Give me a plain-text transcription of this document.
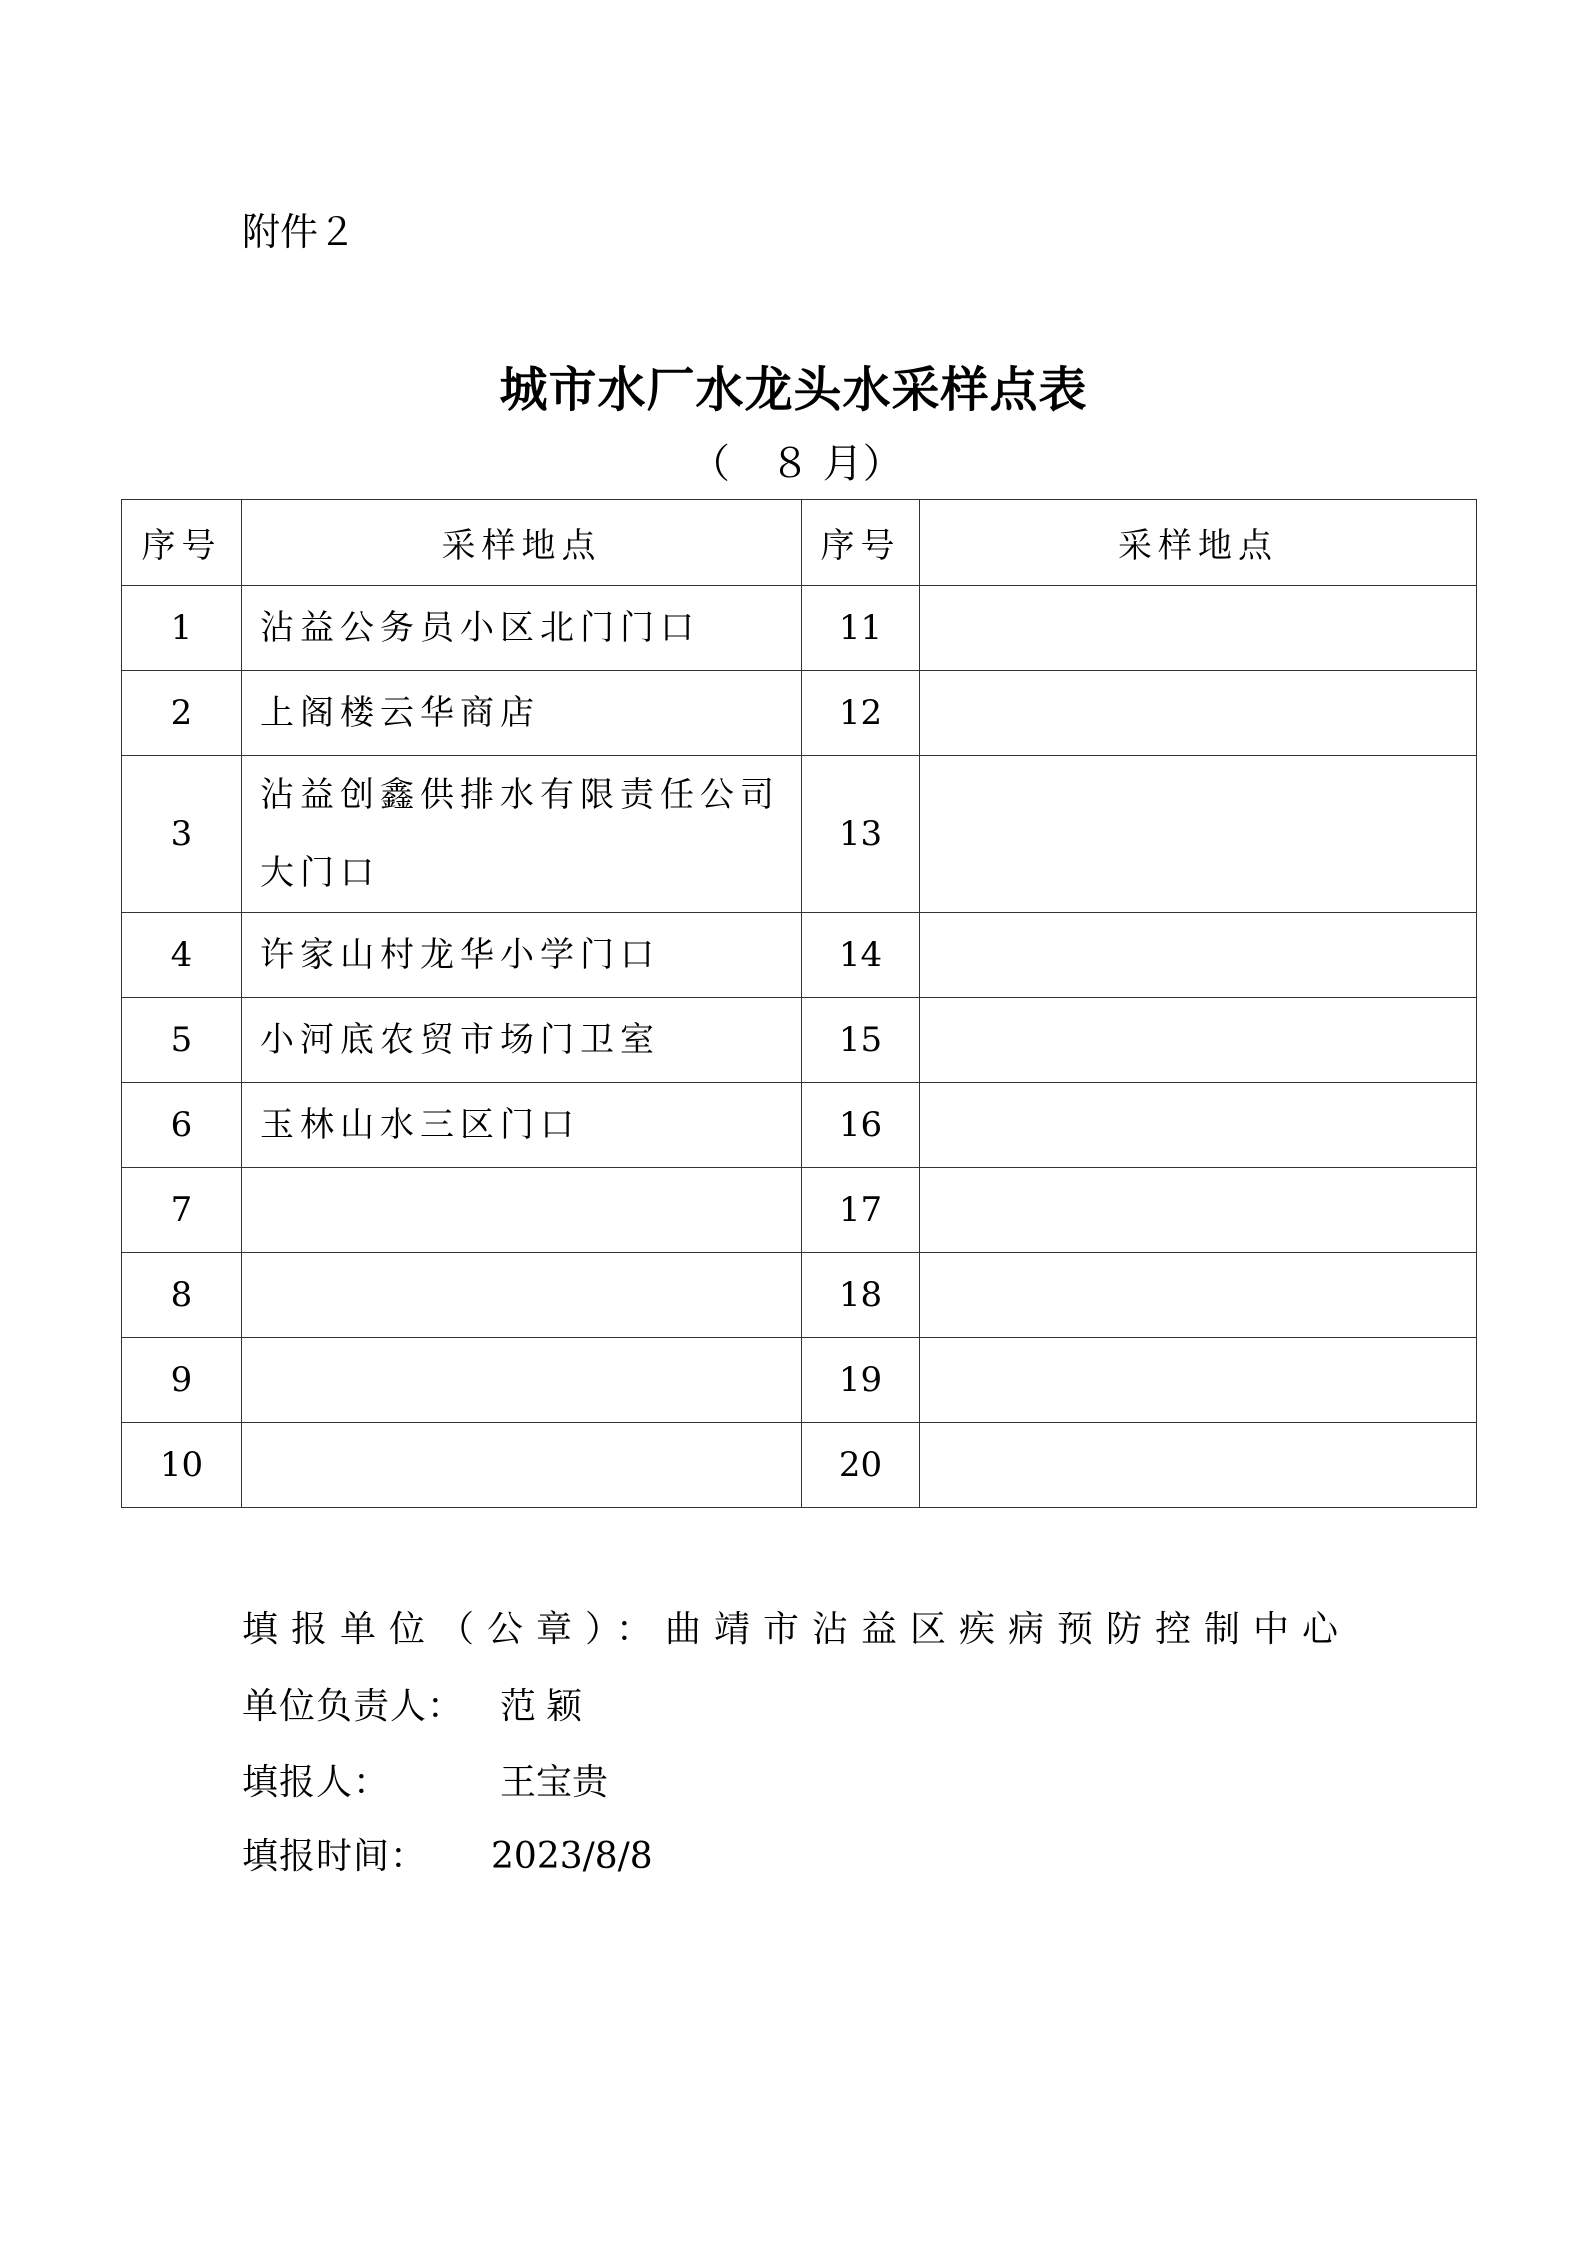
附件２
城市水厂水龙头水采样点表
（　８ 月）
序号	采样地点	序号	采样地点
1	沾益公务员小区北门门口	11	
2	上阁楼云华商店	12	
3	沾益创鑫供排水有限责任公司大门口	13	
4	许家山村龙华小学门口	14	
5	小河底农贸市场门卫室	15	
6	玉林山水三区门口	16	
7		17	
8		18	
9		19	
10		20	
填报单位（公章）：曲靖市沾益区疾病预防控制中心
单位负责人： 范颖
填报人：	王宝贵
填报时间： 2023/8/8
